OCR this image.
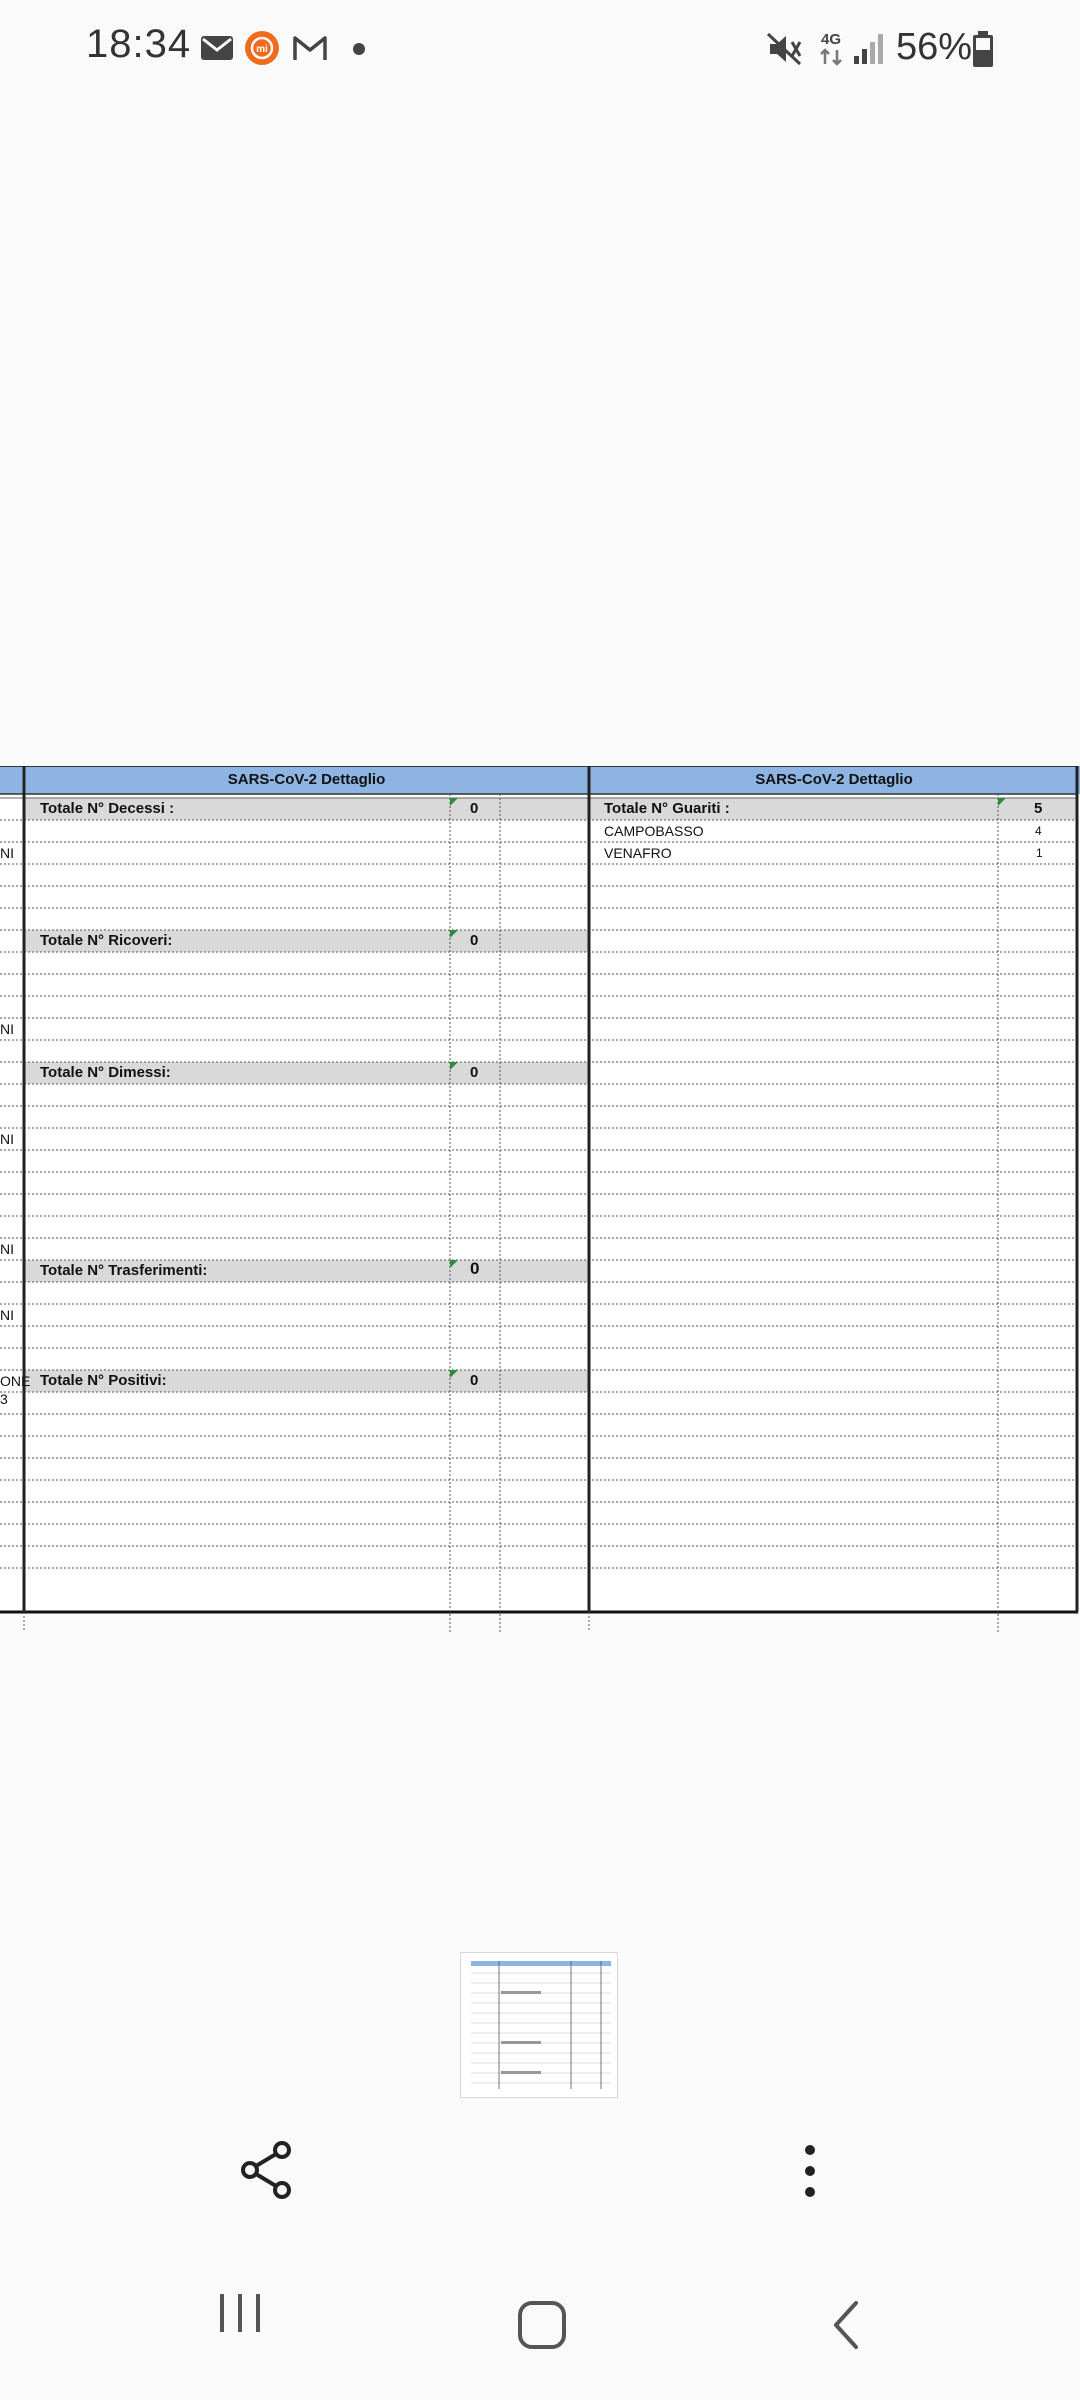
18:34	mi
4G 56%
SARS-CoV-2 Dettaglio	SARS-CoV-2 Dettaglio
Totale N° Decessi :	0
Totale N° Ricoveri:	0
Totale N° Dimessi:	0
Totale N° Trasferimenti:	0
Totale N° Positivi:	0
Totale N° Guariti :	5
CAMPOBASSO	4
VENAFRO	1
NI
NI
NI
NI
NI
ONE
3
